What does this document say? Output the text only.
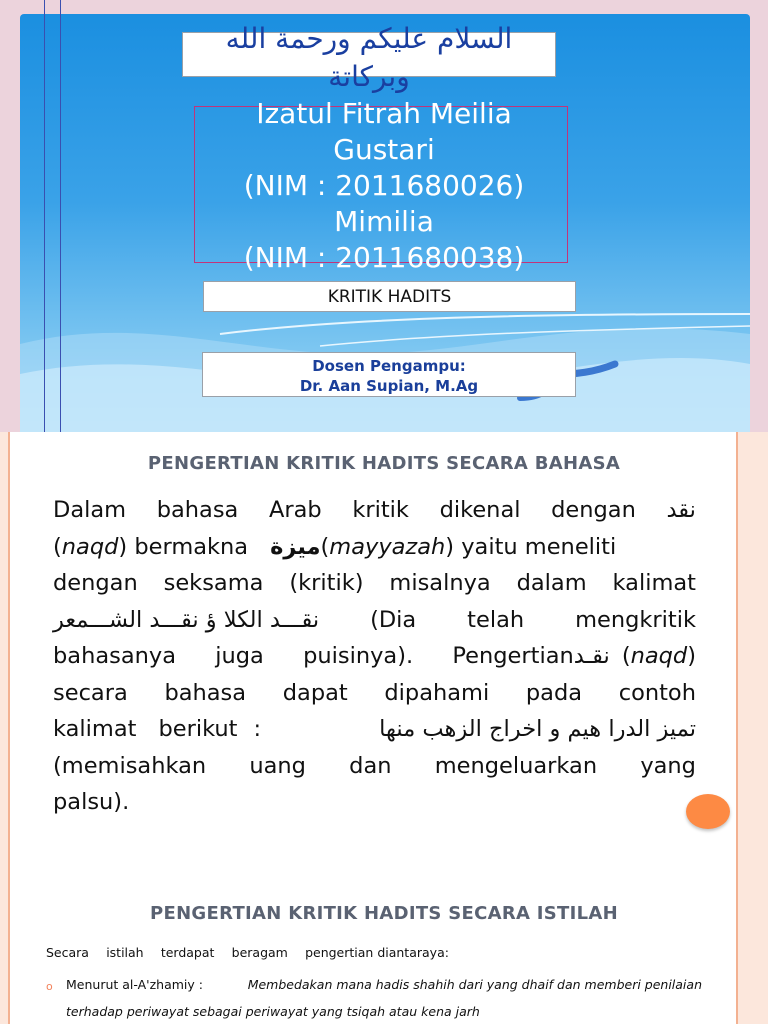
السلام عليكم ورحمة الله وبركاتة
Izatul Fitrah Meilia
Gustari
(NIM : 2011680026)
Mimilia
(NIM : 2011680038)
KRITIK HADITS
Dosen Pengampu:
Dr. Aan Supian, M.Ag
PENGERTIAN KRITIK HADITS SECARA BAHASA
Dalam bahasa Arab kritik dikenal dengan نقد
( naqd ) bermakna ميزة ( mayyazah ) yaitu meneliti
dengan seksama (kritik) misalnya dalam kalimat
نقـــد الكلا ؤ نقـــد الشـــمعر (Dia telah mengkritik
bahasanya juga puisinya). Pengertian نقـد ( naqd )
secara bahasa dapat dipahami pada contoh
kalimat berikut :	تميز الدرا هيم و اخراج الزهب منها
(memisahkan uang dan mengeluarkan yang
palsu).
PENGERTIAN KRITIK HADITS SECARA ISTILAH
Secara istilah terdapat beragam pengertian diantaraya:
o Menurut al-A'zhamiy :	Membedakan mana hadis shahih dari yang dhaif dan memberi penilaian
terhadap periwayat sebagai periwayat yang tsiqah atau kena jarh
